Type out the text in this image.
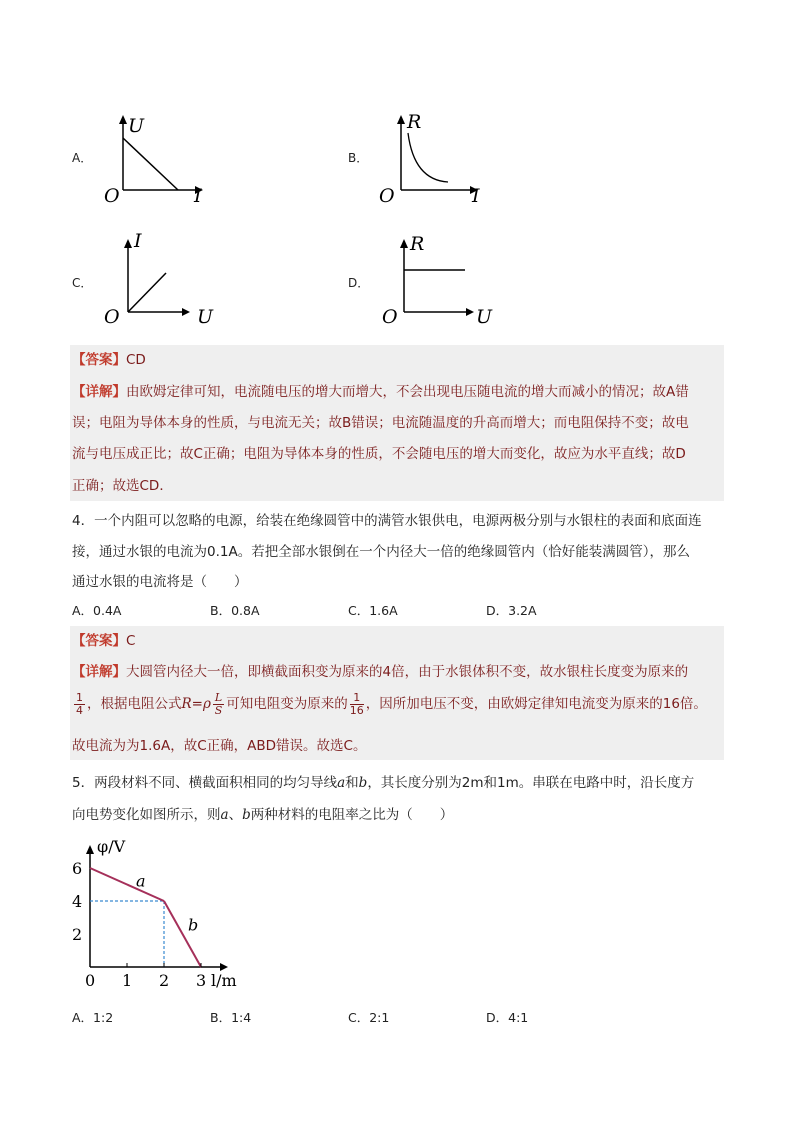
A．
U
O	I
B．
R
O	I
C．
I
O	U
D．
R
O	U
【答案】CD
【详解】由欧姆定律可知，电流随电压的增大而增大，不会出现电压随电流的增大而减小的情况；故A错
误；电阻为导体本身的性质，与电流无关；故B错误；电流随温度的升高而增大；而电阻保持不变；故电
流与电压成正比；故C正确；电阻为导体本身的性质，不会随电压的增大而变化，故应为水平直线；故D
正确；故选CD．
4．一个内阻可以忽略的电源，给装在绝缘圆管中的满管水银供电，电源两极分别与水银柱的表面和底面连
接，通过水银的电流为0.1A。若把全部水银倒在一个内径大一倍的绝缘圆管内（恰好能装满圆管），那么
通过水银的电流将是（　　）
A．0.4A	B．0.8A	C．1.6A	D．3.2A
【答案】C
【详解】大圆管内径大一倍，即横截面积变为原来的4倍，由于水银体积不变，故水银柱长度变为原来的
$\frac{1}{4}$ ，根据电阻公式$R=\rho \frac{L}{S}$ 可知电阻变为原来的 $\frac{1}{16}$ ，因所加电压不变，由欧姆定律知电流变为原来的16倍。
故电流为为1.6A，故C正确，ABD错误。故选C。
5．两段材料不同、横截面积相同的均匀导线a和b，其长度分别为2m和1m。串联在电路中时，沿长度方
向电势变化如图所示，则a、b两种材料的电阻率之比为（　　）
0 1 2 3
2
4
6
φ/V
l/m
a
b
A．1:2	B．1:4	C．2:1	D．4:1
